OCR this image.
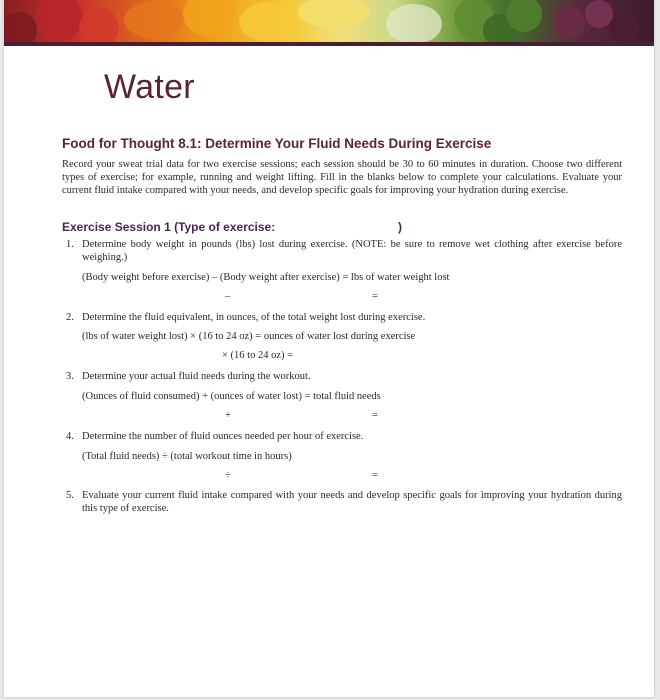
Water
Food for Thought 8.1: Determine Your Fluid Needs During Exercise
Record your sweat trial data for two exercise sessions; each session should be 30 to 60 minutes in duration. Choose two different types of exercise; for example, running and weight lifting. Fill in the blanks below to complete your calculations. Evaluate your current fluid intake compared with your needs, and develop specific goals for improving your hydration during exercise.
Exercise Session 1 (Type of exercise:	)
1. Determine body weight in pounds (lbs) lost during exercise. (NOTE: be sure to remove wet clothing after exercise before weighing.)
(Body weight before exercise) – (Body weight after exercise) = lbs of water weight lost
–	=
2. Determine the fluid equivalent, in ounces, of the total weight lost during exercise.
(lbs of water weight lost) × (16 to 24 oz) = ounces of water lost during exercise
× (16 to 24 oz) =
3. Determine your actual fluid needs during the workout.
(Ounces of fluid consumed) + (ounces of water lost) = total fluid needs
+	=
4. Determine the number of fluid ounces needed per hour of exercise.
(Total fluid needs) ÷ (total workout time in hours)
÷	=
5. Evaluate your current fluid intake compared with your needs and develop specific goals for improving your hydration during this type of exercise.
